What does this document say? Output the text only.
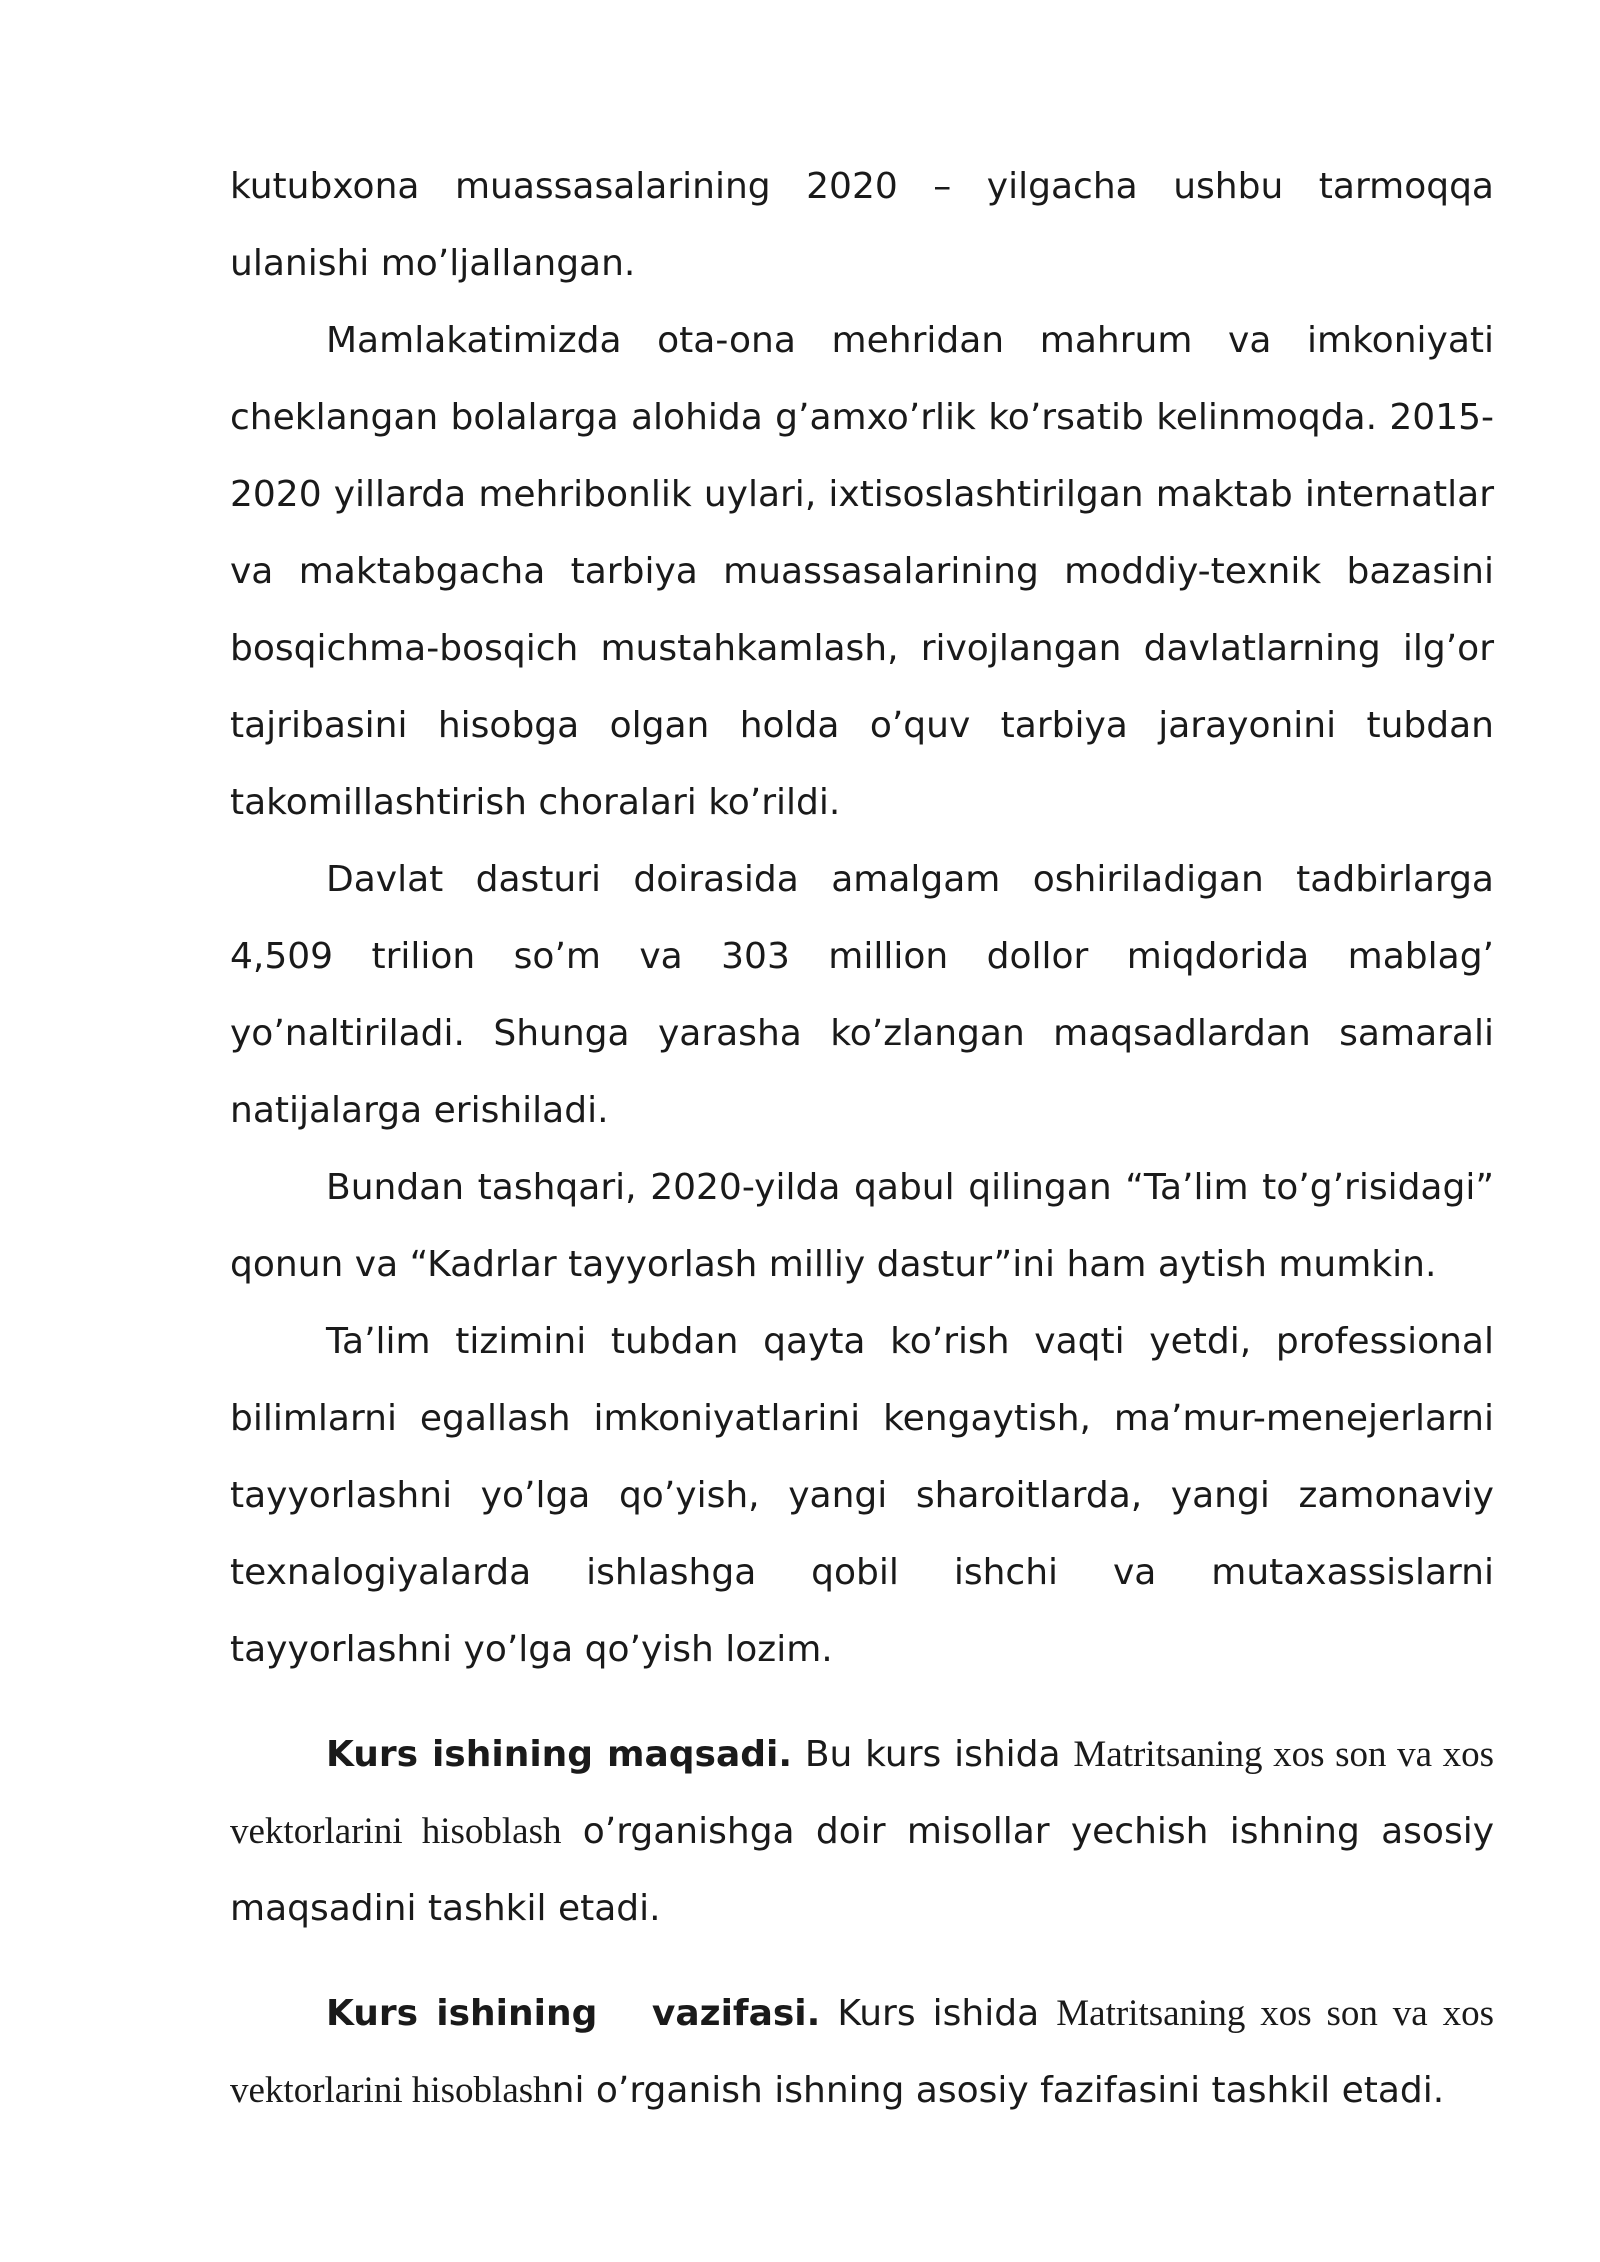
kutubxona muassasalarining 2020 – yilgacha ushbu tarmoqqa ulanishi mo’ljallangan.

Mamlakatimizda ota-ona mehridan mahrum va imkoniyati cheklangan bolalarga alohida g’amxo’rlik ko’rsatib kelinmoqda. 2015-2020 yillarda mehribonlik uylari, ixtisoslashtirilgan maktab internatlar va maktabgacha tarbiya muassasalarining moddiy-texnik bazasini bosqichma-bosqich mustahkamlash, rivojlangan davlatlarning ilg’or tajribasini hisobga olgan holda o’quv tarbiya jarayonini tubdan takomillashtirish choralari ko’rildi.

Davlat dasturi doirasida amalgam oshiriladigan tadbirlarga 4,509 trilion so’m va 303 million dollor miqdorida mablag’ yo’naltiriladi. Shunga yarasha ko’zlangan maqsadlardan samarali natijalarga erishiladi.

Bundan tashqari, 2020-yilda qabul qilingan “Ta’lim to’g’risidagi” qonun va “Kadrlar tayyorlash milliy dastur”ini ham aytish mumkin.

Ta’lim tizimini tubdan qayta ko’rish vaqti yetdi, professional bilimlarni egallash imkoniyatlarini kengaytish, ma’mur-menejerlarni tayyorlashni yo’lga qo’yish, yangi sharoitlarda, yangi zamonaviy texnalogiyalarda ishlashga qobil ishchi va mutaxassislarni tayyorlashni yo’lga qo’yish lozim.

Kurs ishining maqsadi. Bu kurs ishida Matritsaning xos son va xos vektorlarini hisoblash o’rganishga doir misollar yechish ishning asosiy maqsadini tashkil etadi.

Kurs ishining   vazifasi. Kurs ishida Matritsaning xos son va xos vektorlarini hisoblashni o’rganish ishning asosiy fazifasini tashkil etadi.
